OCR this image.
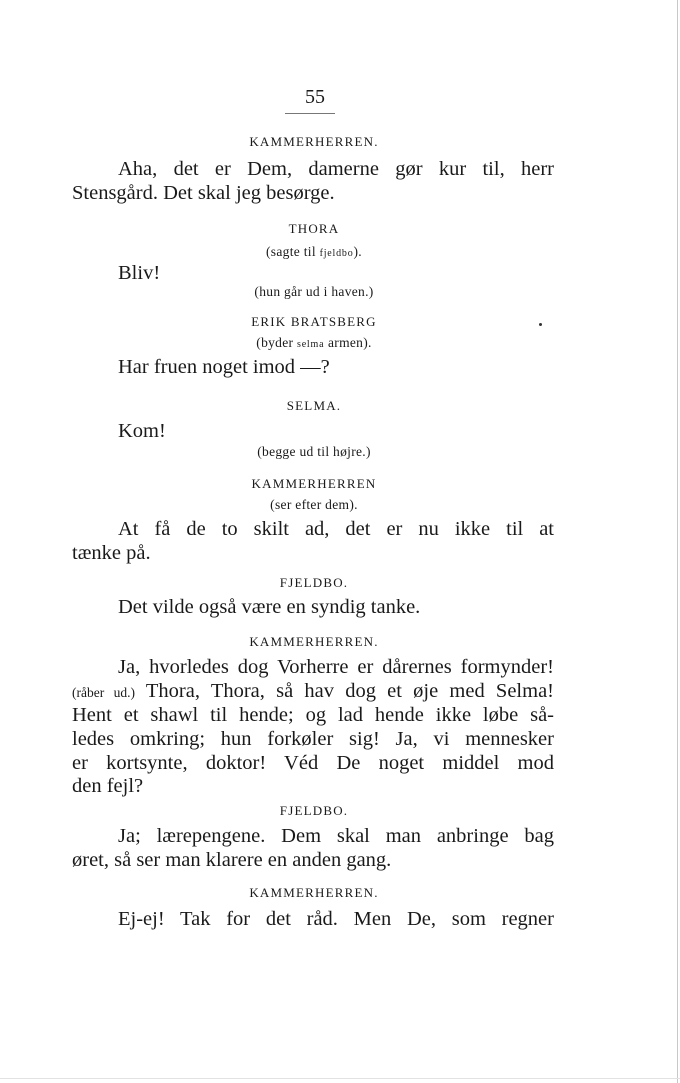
55
KAMMERHERREN.
Aha, det er Dem, damerne gør kur til, herr
Stensgård. Det skal jeg besørge.
THORA
(sagte til fjeldbo).
Bliv!
(hun går ud i haven.)
ERIK BRATSBERG
(byder selma armen).
Har fruen noget imod —?
SELMA.
Kom!
(begge ud til højre.)
KAMMERHERREN
(ser efter dem).
At få de to skilt ad, det er nu ikke til at
tænke på.
FJELDBO.
Det vilde også være en syndig tanke.
KAMMERHERREN.
Ja, hvorledes dog Vorherre er dårernes formynder!
(råber ud.) Thora, Thora, så hav dog et øje med Selma!
Hent et shawl til hende; og lad hende ikke løbe så-
ledes omkring; hun forkøler sig! Ja, vi mennesker
er kortsynte, doktor! Véd De noget middel mod
den fejl?
FJELDBO.
Ja; lærepengene. Dem skal man anbringe bag
øret, så ser man klarere en anden gang.
KAMMERHERREN.
Ej-ej! Tak for det råd. Men De, som regner
